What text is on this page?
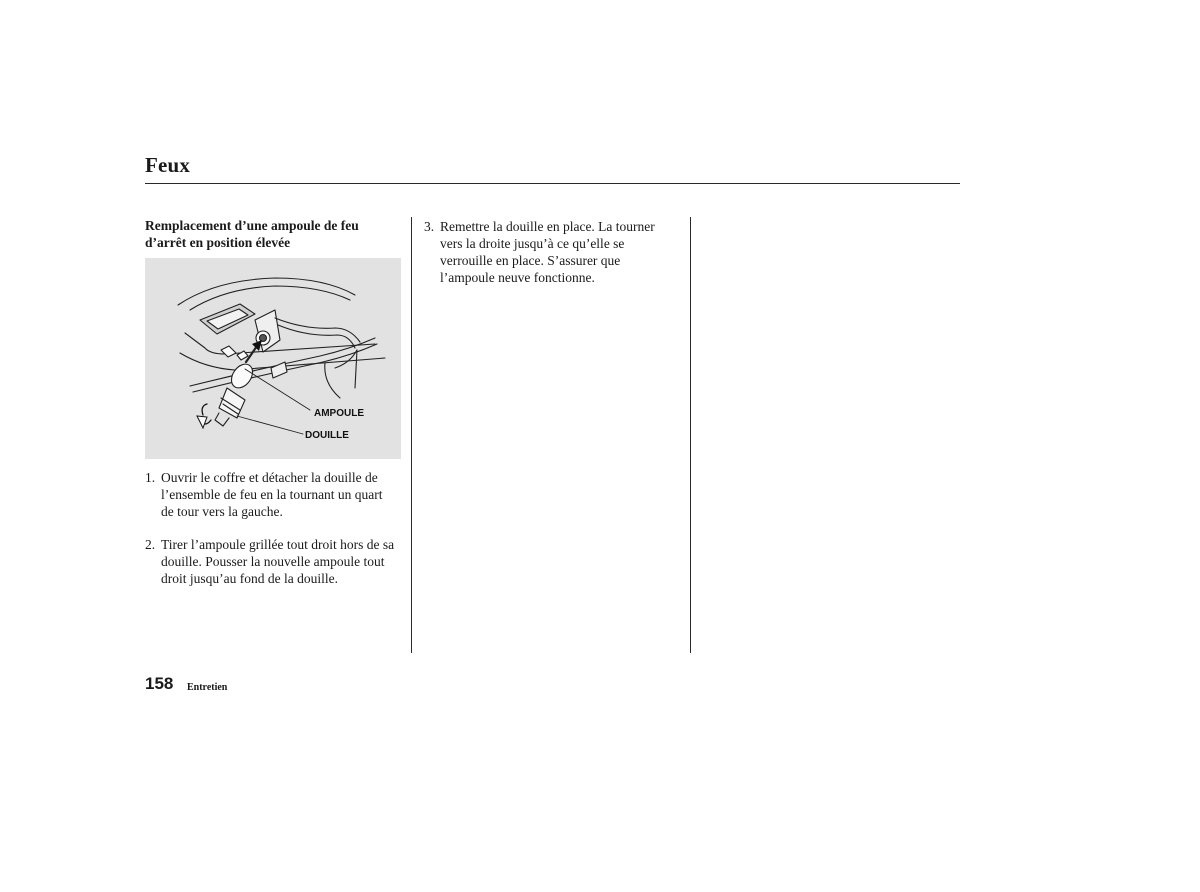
Feux
Remplacement d’une ampoule de feu d’arrêt en position élevée
AMPOULE
DOUILLE
1. Ouvrir le coffre et détacher la douille de l’ensemble de feu en la tournant un quart de tour vers la gauche.
2. Tirer l’ampoule grillée tout droit hors de sa douille. Pousser la nouvelle ampoule tout droit jusqu’au fond de la douille.
3. Remettre la douille en place. La tourner vers la droite jusqu’à ce qu’elle se verrouille en place. S’assurer que l’ampoule neuve fonctionne.
158 Entretien
